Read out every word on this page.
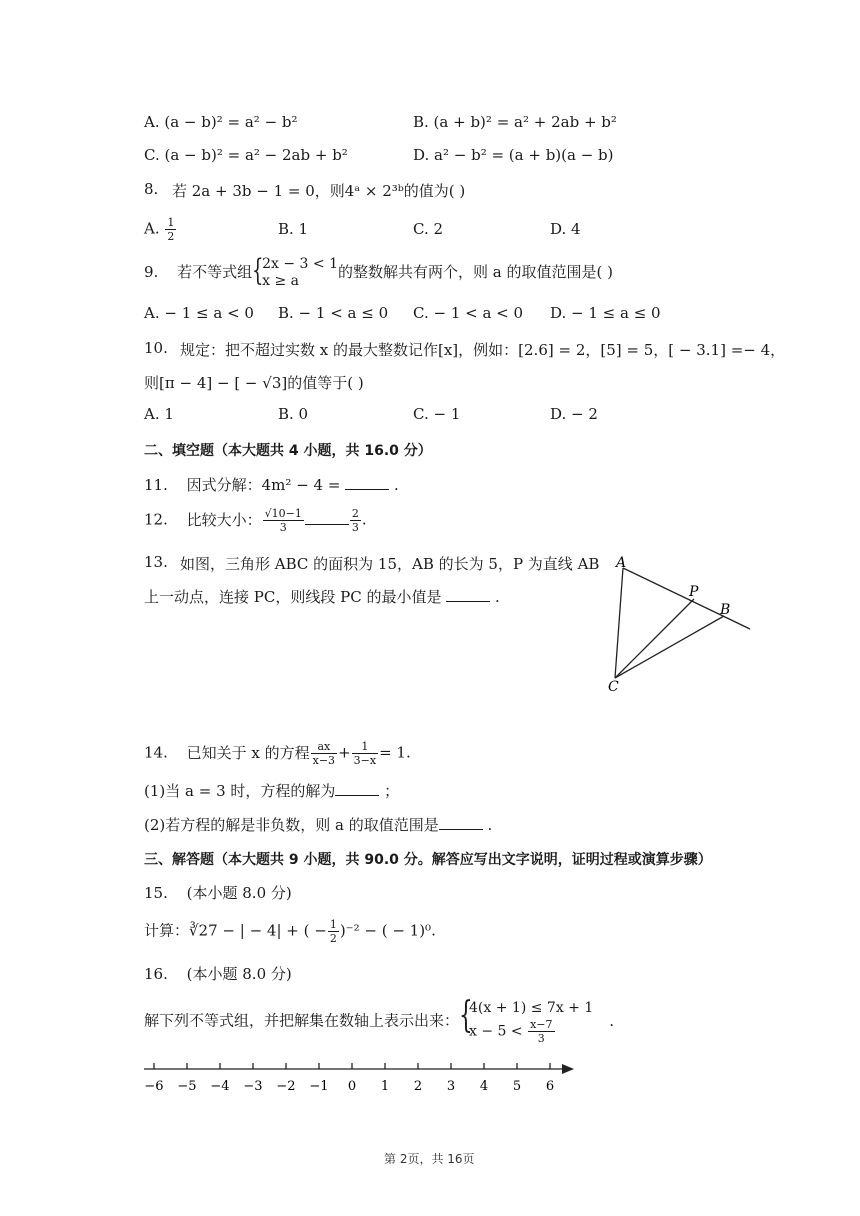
A. (a − b)² = a² − b²	B. (a + b)² = a² + 2ab + b²
C. (a − b)² = a² − 2ab + b²	D. a² − b² = (a + b)(a − b)
8. 若 2a + 3b − 1 = 0，则4ᵃ × 2³ᵇ的值为( )
A. $\frac{1}{2}$	B. 1	C. 2	D. 4
9. 若不等式组 {
2x − 3 < 1
x ≥ a	的整数解共有两个，则 a 的取值范围是( )
A. − 1 ≤ a < 0 B. − 1 < a ≤ 0 C. − 1 < a < 0 D. − 1 ≤ a ≤ 0
10. 规定：把不超过实数 x 的最大整数记作[x]，例如：[2.6] = 2，[5] = 5，[ − 3.1] =− 4，
则[π − 4] − [ − √3]的值等于( )
A. 1	B. 0	C. − 1	D. − 2
二、填空题（本大题共 4 小题，共 16.0 分）
11. 因式分解：4m² − 4 =	.
12. 比较大小： $\frac{√10-1}{3}$	$\frac{2}{3}$ .
13. 如图，三角形 ABC 的面积为 15，AB 的长为 5，P 为直线 AB
上一动点，连接 PC，则线段 PC 的最小值是	.
A
P
B
C
14. 已知关于 x 的方程 $\frac{ax}{x-3} + \frac{1}{3-x} = 1$.
(1)当 a = 3 时，方程的解为	；
(2)若方程的解是非负数，则 a 的取值范围是	.
三、解答题（本大题共 9 小题，共 90.0 分。解答应写出文字说明，证明过程或演算步骤）
15. (本小题 8.0 分)
计算：∛27 − | − 4| + ( − $\frac{1}{2} )^{-2}$ − ( − 1)⁰.
16. (本小题 8.0 分)
解下列不等式组，并把解集在数轴上表示出来： {
4(x + 1) ≤ 7x + 1
$x - 5 < \frac{x-7}{3}$	.
−6 −5 −4 −3 −2 −1 0 1 2 3 4 5 6
第 2页，共 16页
